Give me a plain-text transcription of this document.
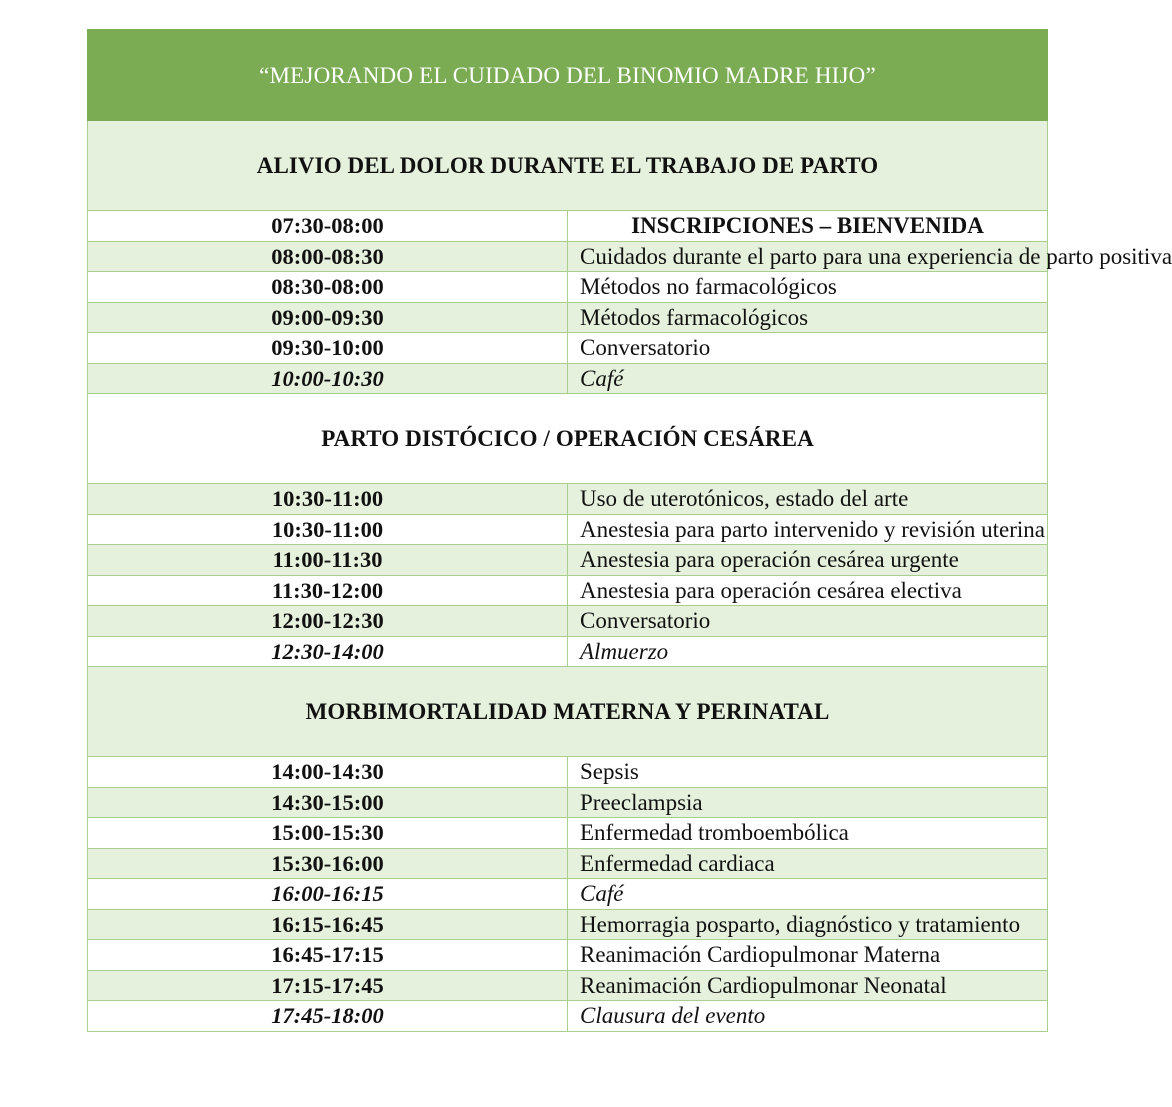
“MEJORANDO EL CUIDADO DEL BINOMIO MADRE HIJO”	
ALIVIO DEL DOLOR DURANTE EL TRABAJO DE PARTO	
07:30-08:00	INSCRIPCIONES – BIENVENIDA
08:00-08:30	Cuidados durante el parto para una experiencia de parto positiva
08:30-08:00	Métodos no farmacológicos
09:00-09:30	Métodos farmacológicos
09:30-10:00	Conversatorio
10:00-10:30	Café
PARTO DISTÓCICO / OPERACIÓN CESÁREA	
10:30-11:00	Uso de uterotónicos, estado del arte
10:30-11:00	Anestesia para parto intervenido y revisión uterina
11:00-11:30	Anestesia para operación cesárea urgente
11:30-12:00	Anestesia para operación cesárea electiva
12:00-12:30	Conversatorio
12:30-14:00	Almuerzo
MORBIMORTALIDAD MATERNA Y PERINATAL	
14:00-14:30	Sepsis
14:30-15:00	Preeclampsia
15:00-15:30	Enfermedad tromboembólica
15:30-16:00	Enfermedad cardiaca
16:00-16:15	Café
16:15-16:45	Hemorragia posparto, diagnóstico y tratamiento
16:45-17:15	Reanimación Cardiopulmonar Materna
17:15-17:45	Reanimación Cardiopulmonar Neonatal
17:45-18:00	Clausura del evento
